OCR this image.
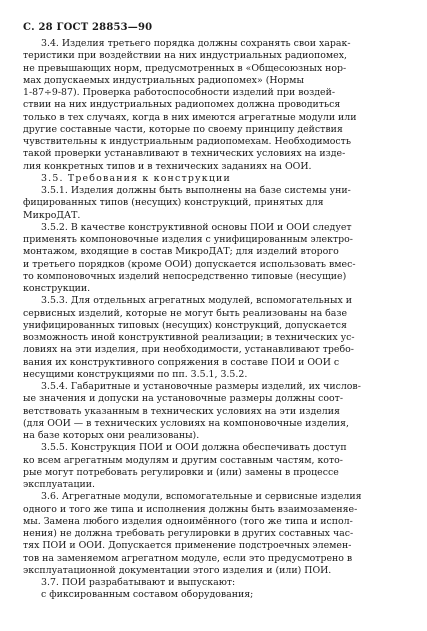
С. 28 ГОСТ 28853—90
3.4. Изделия третьего порядка должны сохранять свои харак-
теристики при воздействии на них индустриальных радиопомех,
не превышающих норм, предусмотренных в «Общесоюзных нор-
мах допускаемых индустриальных радиопомех» (Нормы
1-87÷9-87). Проверка работоспособности изделий при воздей-
ствии на них индустриальных радиопомех должна проводиться
только в тех случаях, когда в них имеются агрегатные модули или
другие составные части, которые по своему принципу действия
чувствительны к индустриальным радиопомехам. Необходимость
такой проверки устанавливают в технических условиях на изде-
лия конкретных типов и в технических заданиях на ООИ.
3.5. Требования к конструкции
3.5.1. Изделия должны быть выполнены на базе системы уни-
фицированных типов (несущих) конструкций, принятых для
МикроДАТ.
3.5.2. В качестве конструктивной основы ПОИ и ООИ следует
применять компоновочные изделия с унифицированным электро-
монтажом, входящие в состав МикроДАТ; для изделий второго
и третьего порядков (кроме ООИ) допускается использовать вмес-
то компоновочных изделий непосредственно типовые (несущие)
конструкции.
3.5.3. Для отдельных агрегатных модулей, вспомогательных и
сервисных изделий, которые не могут быть реализованы на базе
унифицированных типовых (несущих) конструкций, допускается
возможность иной конструктивной реализации; в технических ус-
ловиях на эти изделия, при необходимости, устанавливают требо-
вания их конструктивного сопряжения в составе ПОИ и ООИ с
несущими конструкциями по пп. 3.5.1, 3.5.2.
3.5.4. Габаритные и установочные размеры изделий, их числов-
ые значения и допуски на установочные размеры должны соот-
ветствовать указанным в технических условиях на эти изделия
(для ООИ — в технических условиях на компоновочные изделия,
на базе которых они реализованы).
3.5.5. Конструкция ПОИ и ООИ должна обеспечивать доступ
ко всем агрегатным модулям и другим составным частям, кото-
рые могут потребовать регулировки и (или) замены в процессе
эксплуатации.
3.6. Агрегатные модули, вспомогательные и сервисные изделия
одного и того же типа и исполнения должны быть взаимозаменяе-
мы. Замена любого изделия одноимённого (того же типа и испол-
нения) не должна требовать регулировки в других составных час-
тях ПОИ и ООИ. Допускается применение подстроечных элемен-
тов на заменяемом агрегатном модуле, если это предусмотрено в
эксплуатационной документации этого изделия и (или) ПОИ.
3.7. ПОИ разрабатывают и выпускают:
с фиксированным составом оборудования;
